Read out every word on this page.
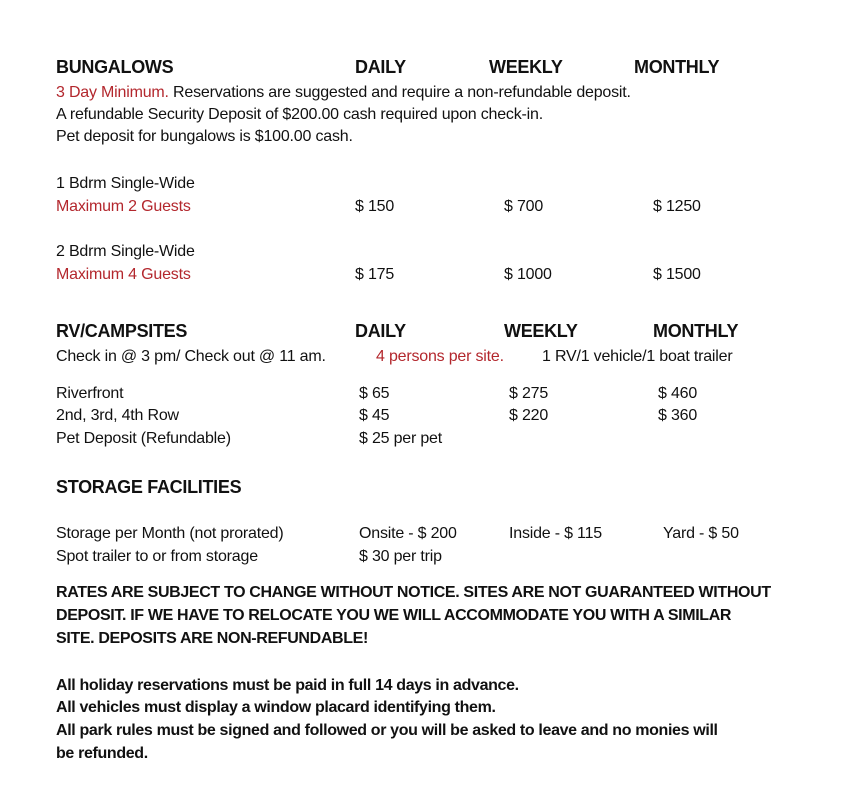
BUNGALOWS	DAILY	WEEKLY	MONTHLY
3 Day Minimum. Reservations are suggested and require a non-refundable deposit.
A refundable Security Deposit of $200.00 cash required upon check-in.
Pet deposit for bungalows is $100.00 cash.
1 Bdrm Single-Wide
Maximum 2 Guests	$ 150	$ 700	$ 1250
2 Bdrm Single-Wide
Maximum 4 Guests	$ 175	$ 1000	$ 1500
RV/CAMPSITES	DAILY	WEEKLY	MONTHLY
Check in @ 3 pm/ Check out @ 11 am.	4 persons per site. 1 RV/1 vehicle/1 boat trailer
Riverfront	$ 65	$ 275	$ 460
2nd, 3rd, 4th Row	$ 45	$ 220	$ 360
Pet Deposit (Refundable)	$ 25 per pet
STORAGE FACILITIES
Storage per Month (not prorated)	Onsite - $ 200	Inside - $ 115	Yard - $ 50
Spot trailer to or from storage	$ 30 per trip
RATES ARE SUBJECT TO CHANGE WITHOUT NOTICE. SITES ARE NOT GUARANTEED WITHOUT
DEPOSIT. IF WE HAVE TO RELOCATE YOU WE WILL ACCOMMODATE YOU WITH A SIMILAR
SITE. DEPOSITS ARE NON-REFUNDABLE!
All holiday reservations must be paid in full 14 days in advance.
All vehicles must display a window placard identifying them.
All park rules must be signed and followed or you will be asked to leave and no monies will
be refunded.
